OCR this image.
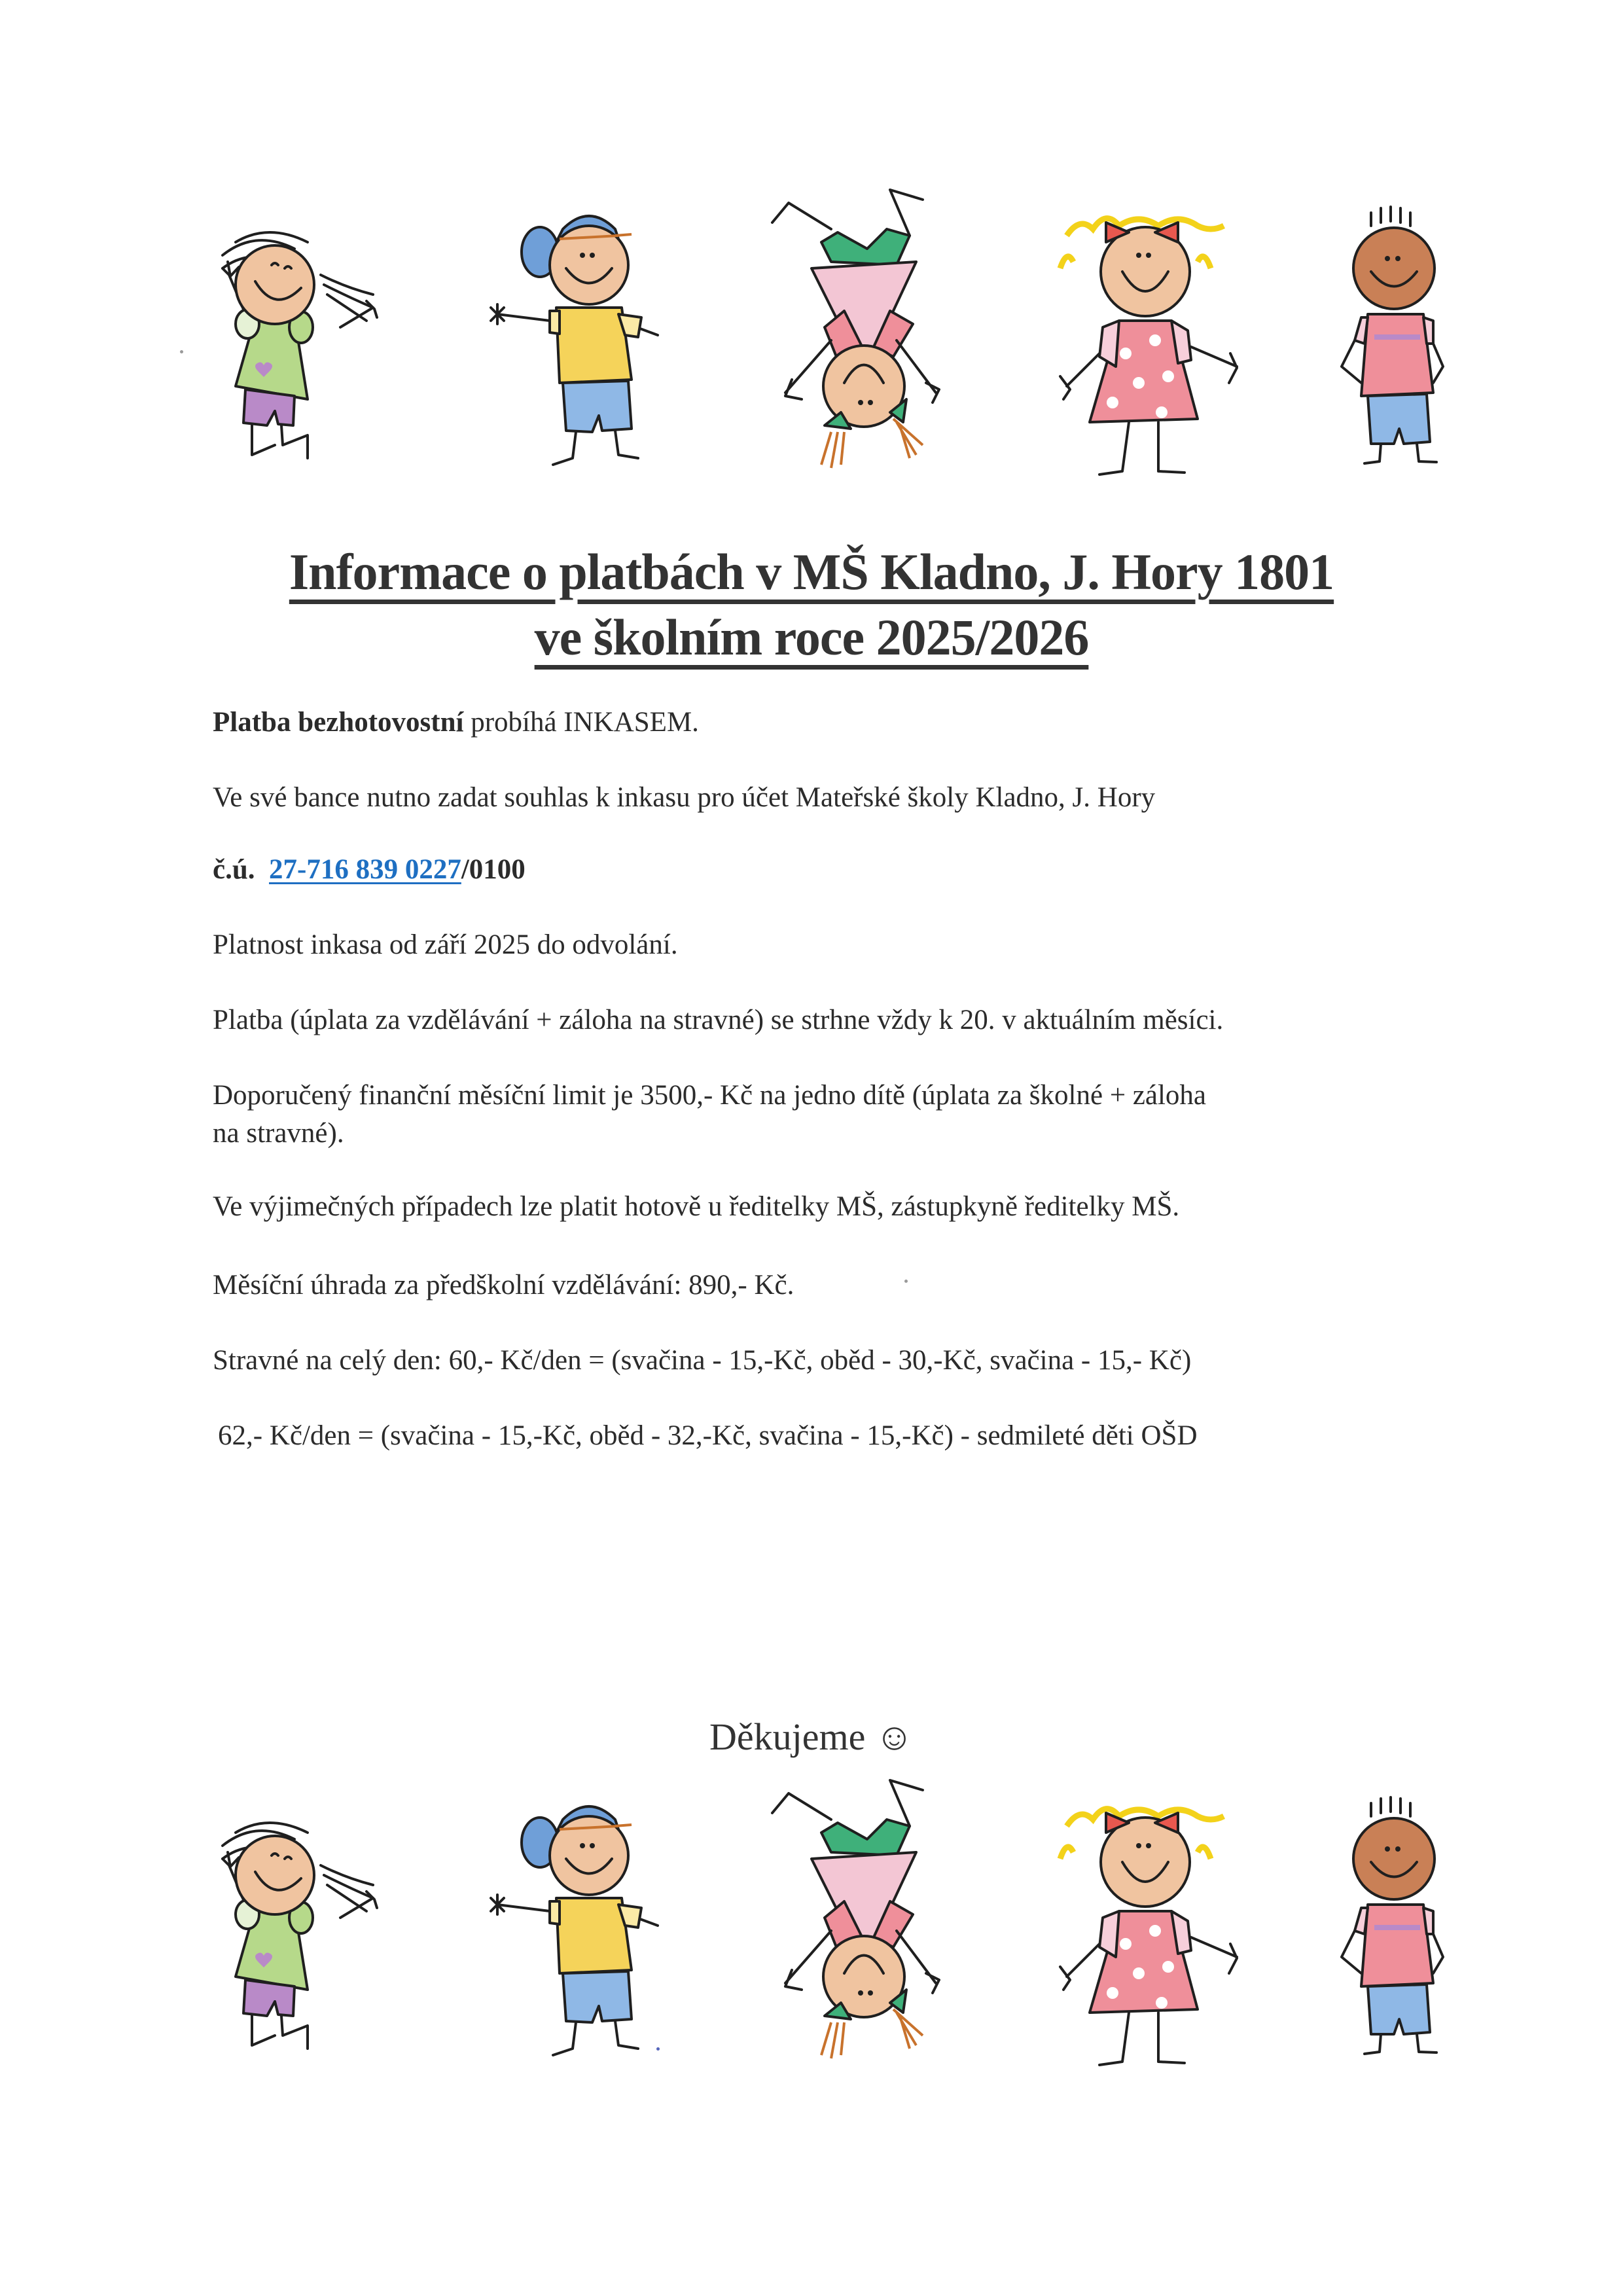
Informace o platbách v MŠ Kladno, J. Hory 1801
ve školním roce 2025/2026
Platba bezhotovostní probíhá INKASEM.
Ve své bance nutno zadat souhlas k inkasu pro účet Mateřské školy Kladno, J. Hory
č.ú. 27-716 839 0227/0100
Platnost inkasa od září 2025 do odvolání.
Platba (úplata za vzdělávání + záloha na stravné) se strhne vždy k 20. v aktuálním měsíci.
Doporučený finanční měsíční limit je 3500,- Kč na jedno dítě (úplata za školné + záloha
na stravné).
Ve výjimečných případech lze platit hotově u ředitelky MŠ, zástupkyně ředitelky MŠ.
Měsíční úhrada za předškolní vzdělávání: 890,- Kč.
Stravné na celý den: 60,- Kč/den = (svačina - 15,-Kč, oběd - 30,-Kč, svačina - 15,- Kč)
62,- Kč/den = (svačina - 15,-Kč, oběd - 32,-Kč, svačina - 15,-Kč) - sedmileté děti OŠD
Děkujeme ☺
